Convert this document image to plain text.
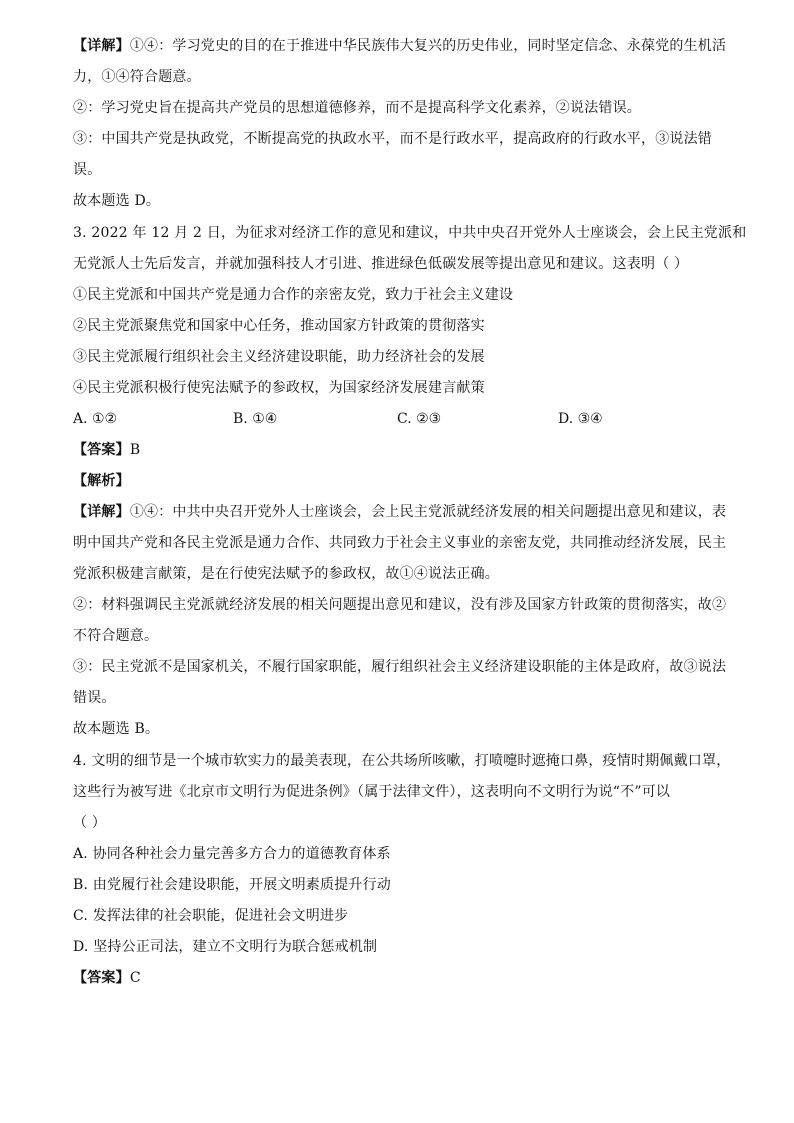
【详解】①④：学习党史的目的在于推进中华民族伟大复兴的历史伟业，同时坚定信念、永葆党的生机活
力，①④符合题意。
②：学习党史旨在提高共产党员的思想道德修养，而不是提高科学文化素养，②说法错误。
③：中国共产党是执政党，不断提高党的执政水平，而不是行政水平，提高政府的行政水平，③说法错
误。
故本题选 D。
3. 2022 年 12 月 2 日，为征求对经济工作的意见和建议，中共中央召开党外人士座谈会，会上民主党派和
无党派人士先后发言，并就加强科技人才引进、推进绿色低碳发展等提出意见和建议。这表明（ ）
①民主党派和中国共产党是通力合作的亲密友党，致力于社会主义建设
②民主党派聚焦党和国家中心任务，推动国家方针政策的贯彻落实
③民主党派履行组织社会主义经济建设职能，助力经济社会的发展
④民主党派积极行使宪法赋予的参政权，为国家经济发展建言献策
A. ①②	B. ①④	C. ②③	D. ③④
【答案】B
【解析】
【详解】①④：中共中央召开党外人士座谈会，会上民主党派就经济发展的相关问题提出意见和建议，表
明中国共产党和各民主党派是通力合作、共同致力于社会主义事业的亲密友党，共同推动经济发展，民主
党派积极建言献策，是在行使宪法赋予的参政权，故①④说法正确。
②：材料强调民主党派就经济发展的相关问题提出意见和建议，没有涉及国家方针政策的贯彻落实，故②
不符合题意。
③：民主党派不是国家机关，不履行国家职能，履行组织社会主义经济建设职能的主体是政府，故③说法
错误。
故本题选 B。
4. 文明的细节是一个城市软实力的最美表现，在公共场所咳嗽，打喷嚏时遮掩口鼻，疫情时期佩戴口罩，
这些行为被写进《北京市文明行为促进条例》（属于法律文件），这表明向不文明行为说“不”可以
（ ）
A. 协同各种社会力量完善多方合力的道德教育体系
B. 由党履行社会建设职能，开展文明素质提升行动
C. 发挥法律的社会职能，促进社会文明进步
D. 坚持公正司法，建立不文明行为联合惩戒机制
【答案】C
